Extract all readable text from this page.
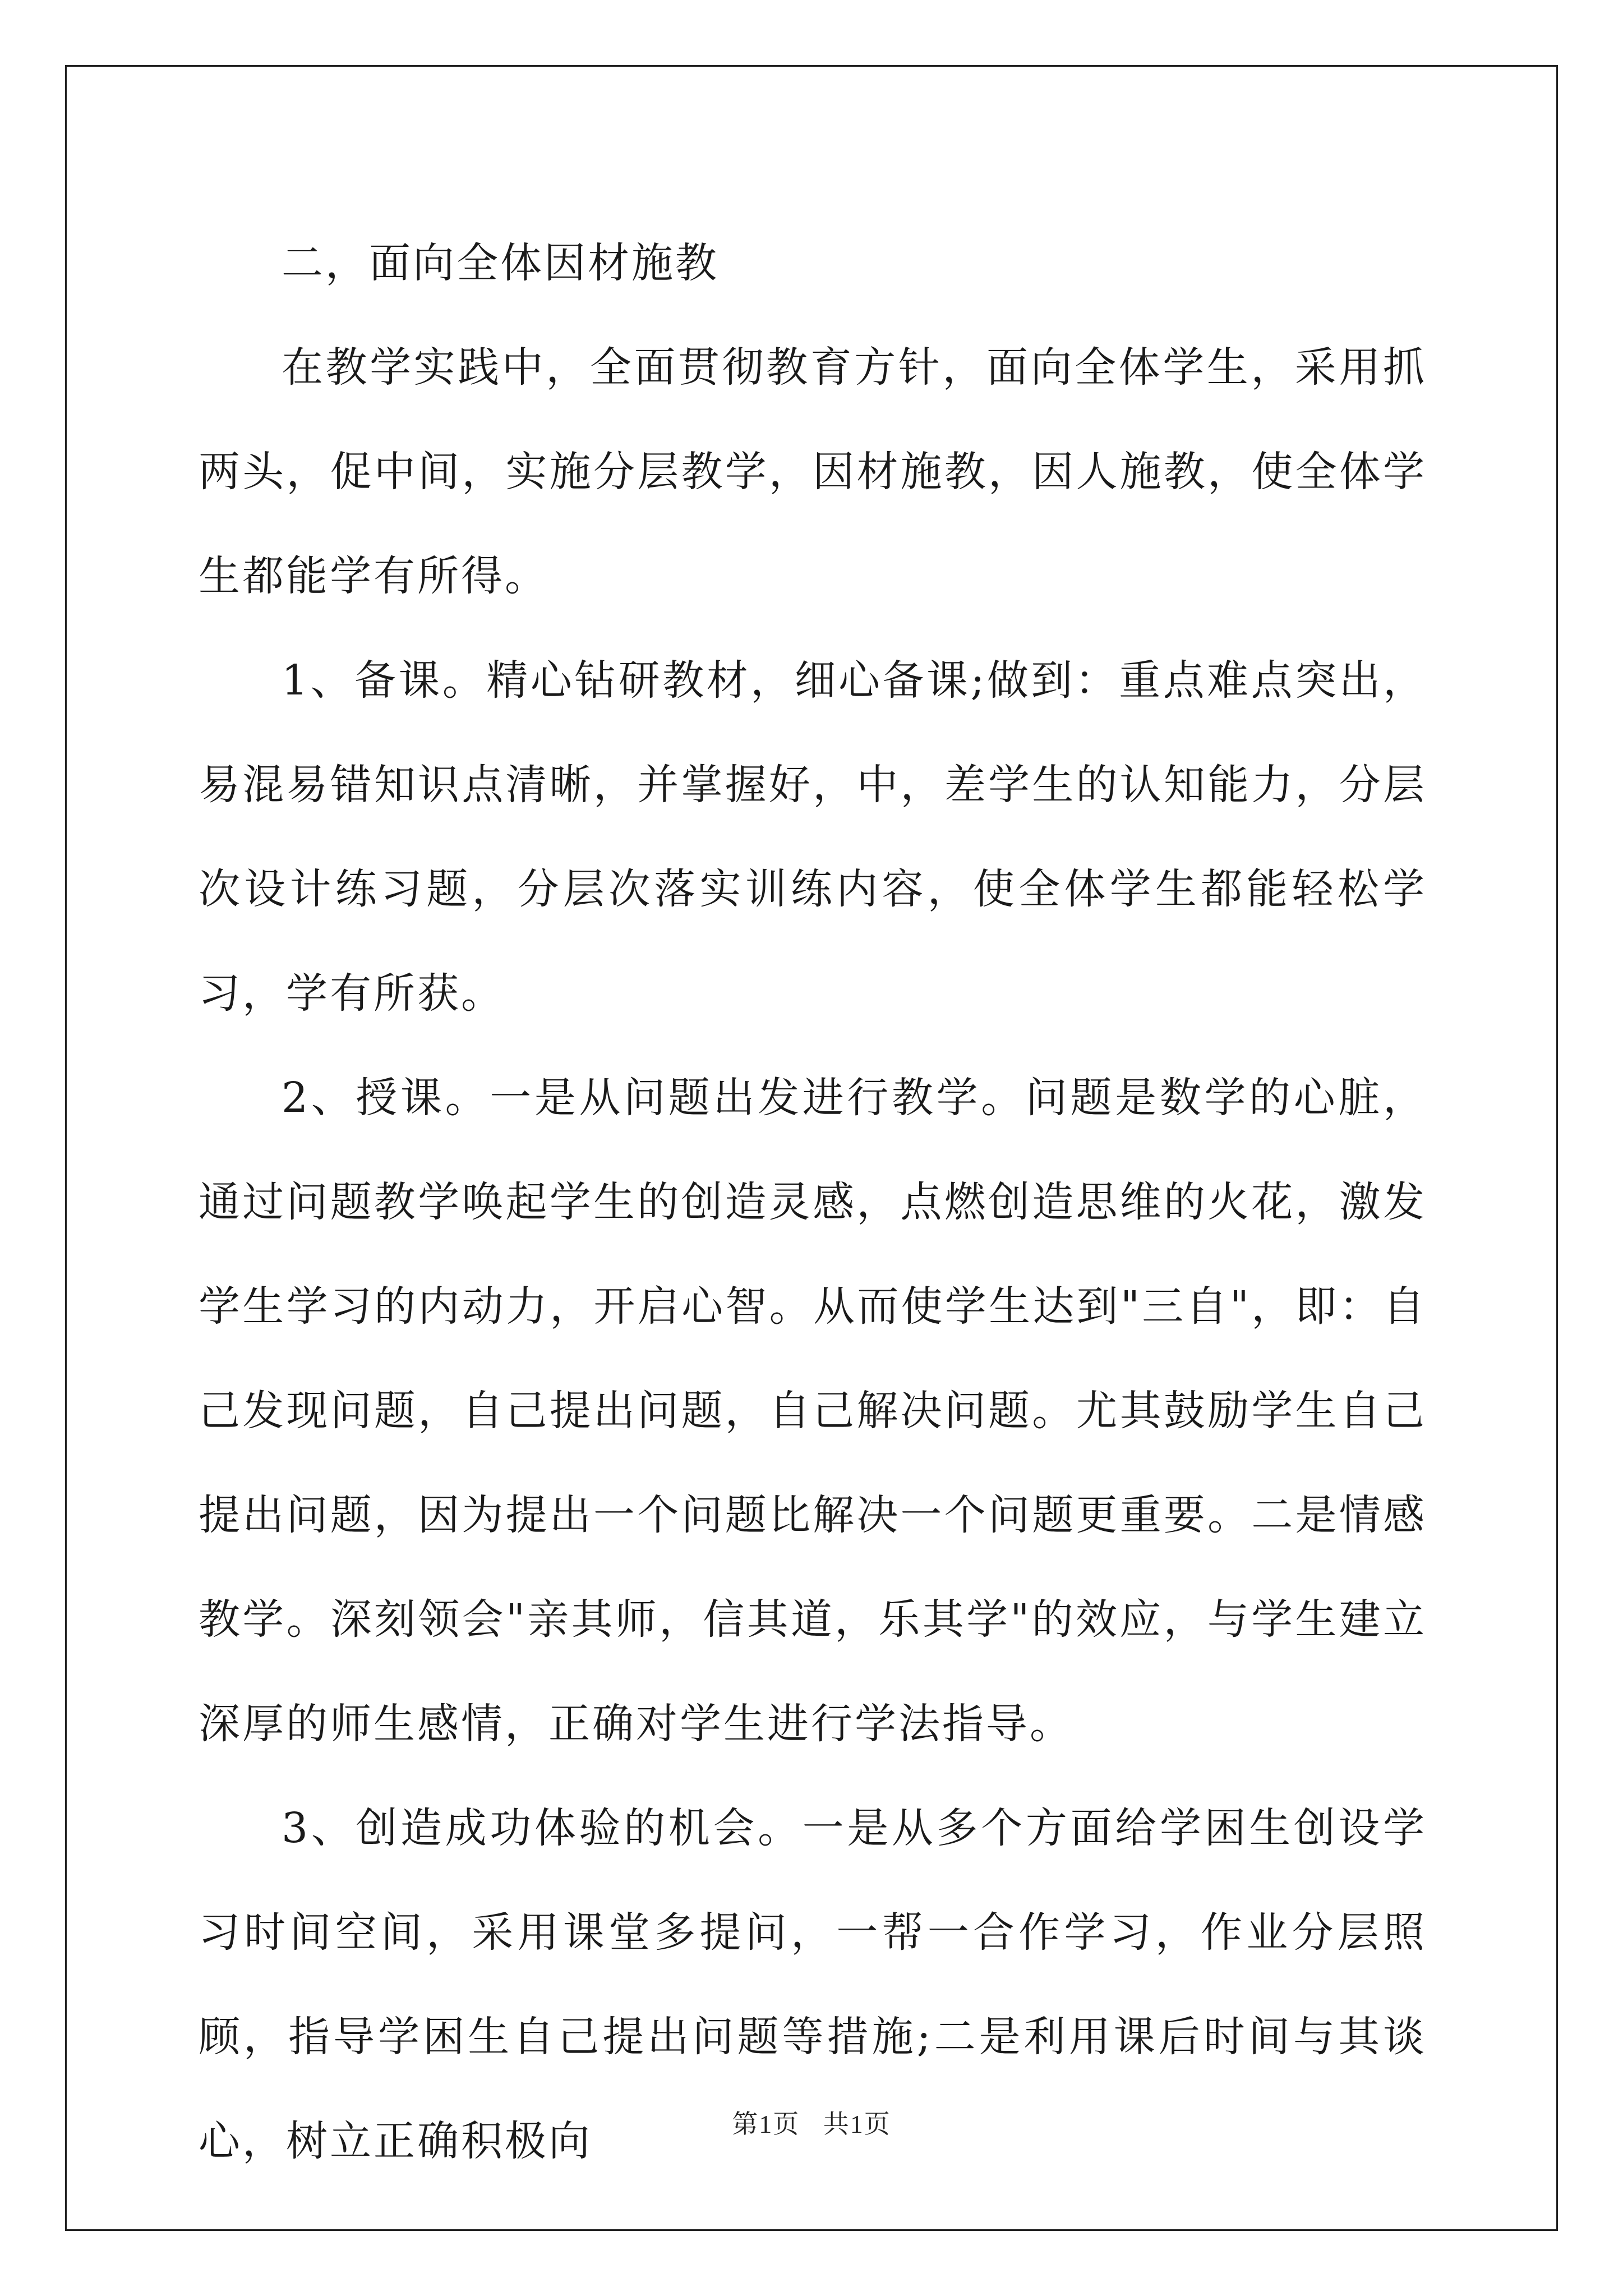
二，面向全体因材施教

在教学实践中，全面贯彻教育方针，面向全体学生，采用抓两头，促中间，实施分层教学，因材施教，因人施教，使全体学生都能学有所得。

1、备课。精心钻研教材，细心备课;做到：重点难点突出，易混易错知识点清晰，并掌握好，中，差学生的认知能力，分层次设计练习题，分层次落实训练内容，使全体学生都能轻松学习，学有所获。

2、授课。一是从问题出发进行教学。问题是数学的心脏，通过问题教学唤起学生的创造灵感，点燃创造思维的火花，激发学生学习的内动力，开启心智。从而使学生达到"三自"，即：自己发现问题，自己提出问题，自己解决问题。尤其鼓励学生自己提出问题，因为提出一个问题比解决一个问题更重要。二是情感教学。深刻领会"亲其师，信其道，乐其学"的效应，与学生建立深厚的师生感情，正确对学生进行学法指导。

3、创造成功体验的机会。一是从多个方面给学困生创设学习时间空间，采用课堂多提问，一帮一合作学习，作业分层照顾，指导学困生自己提出问题等措施;二是利用课后时间与其谈心，树立正确积极向	第1页 共1页
